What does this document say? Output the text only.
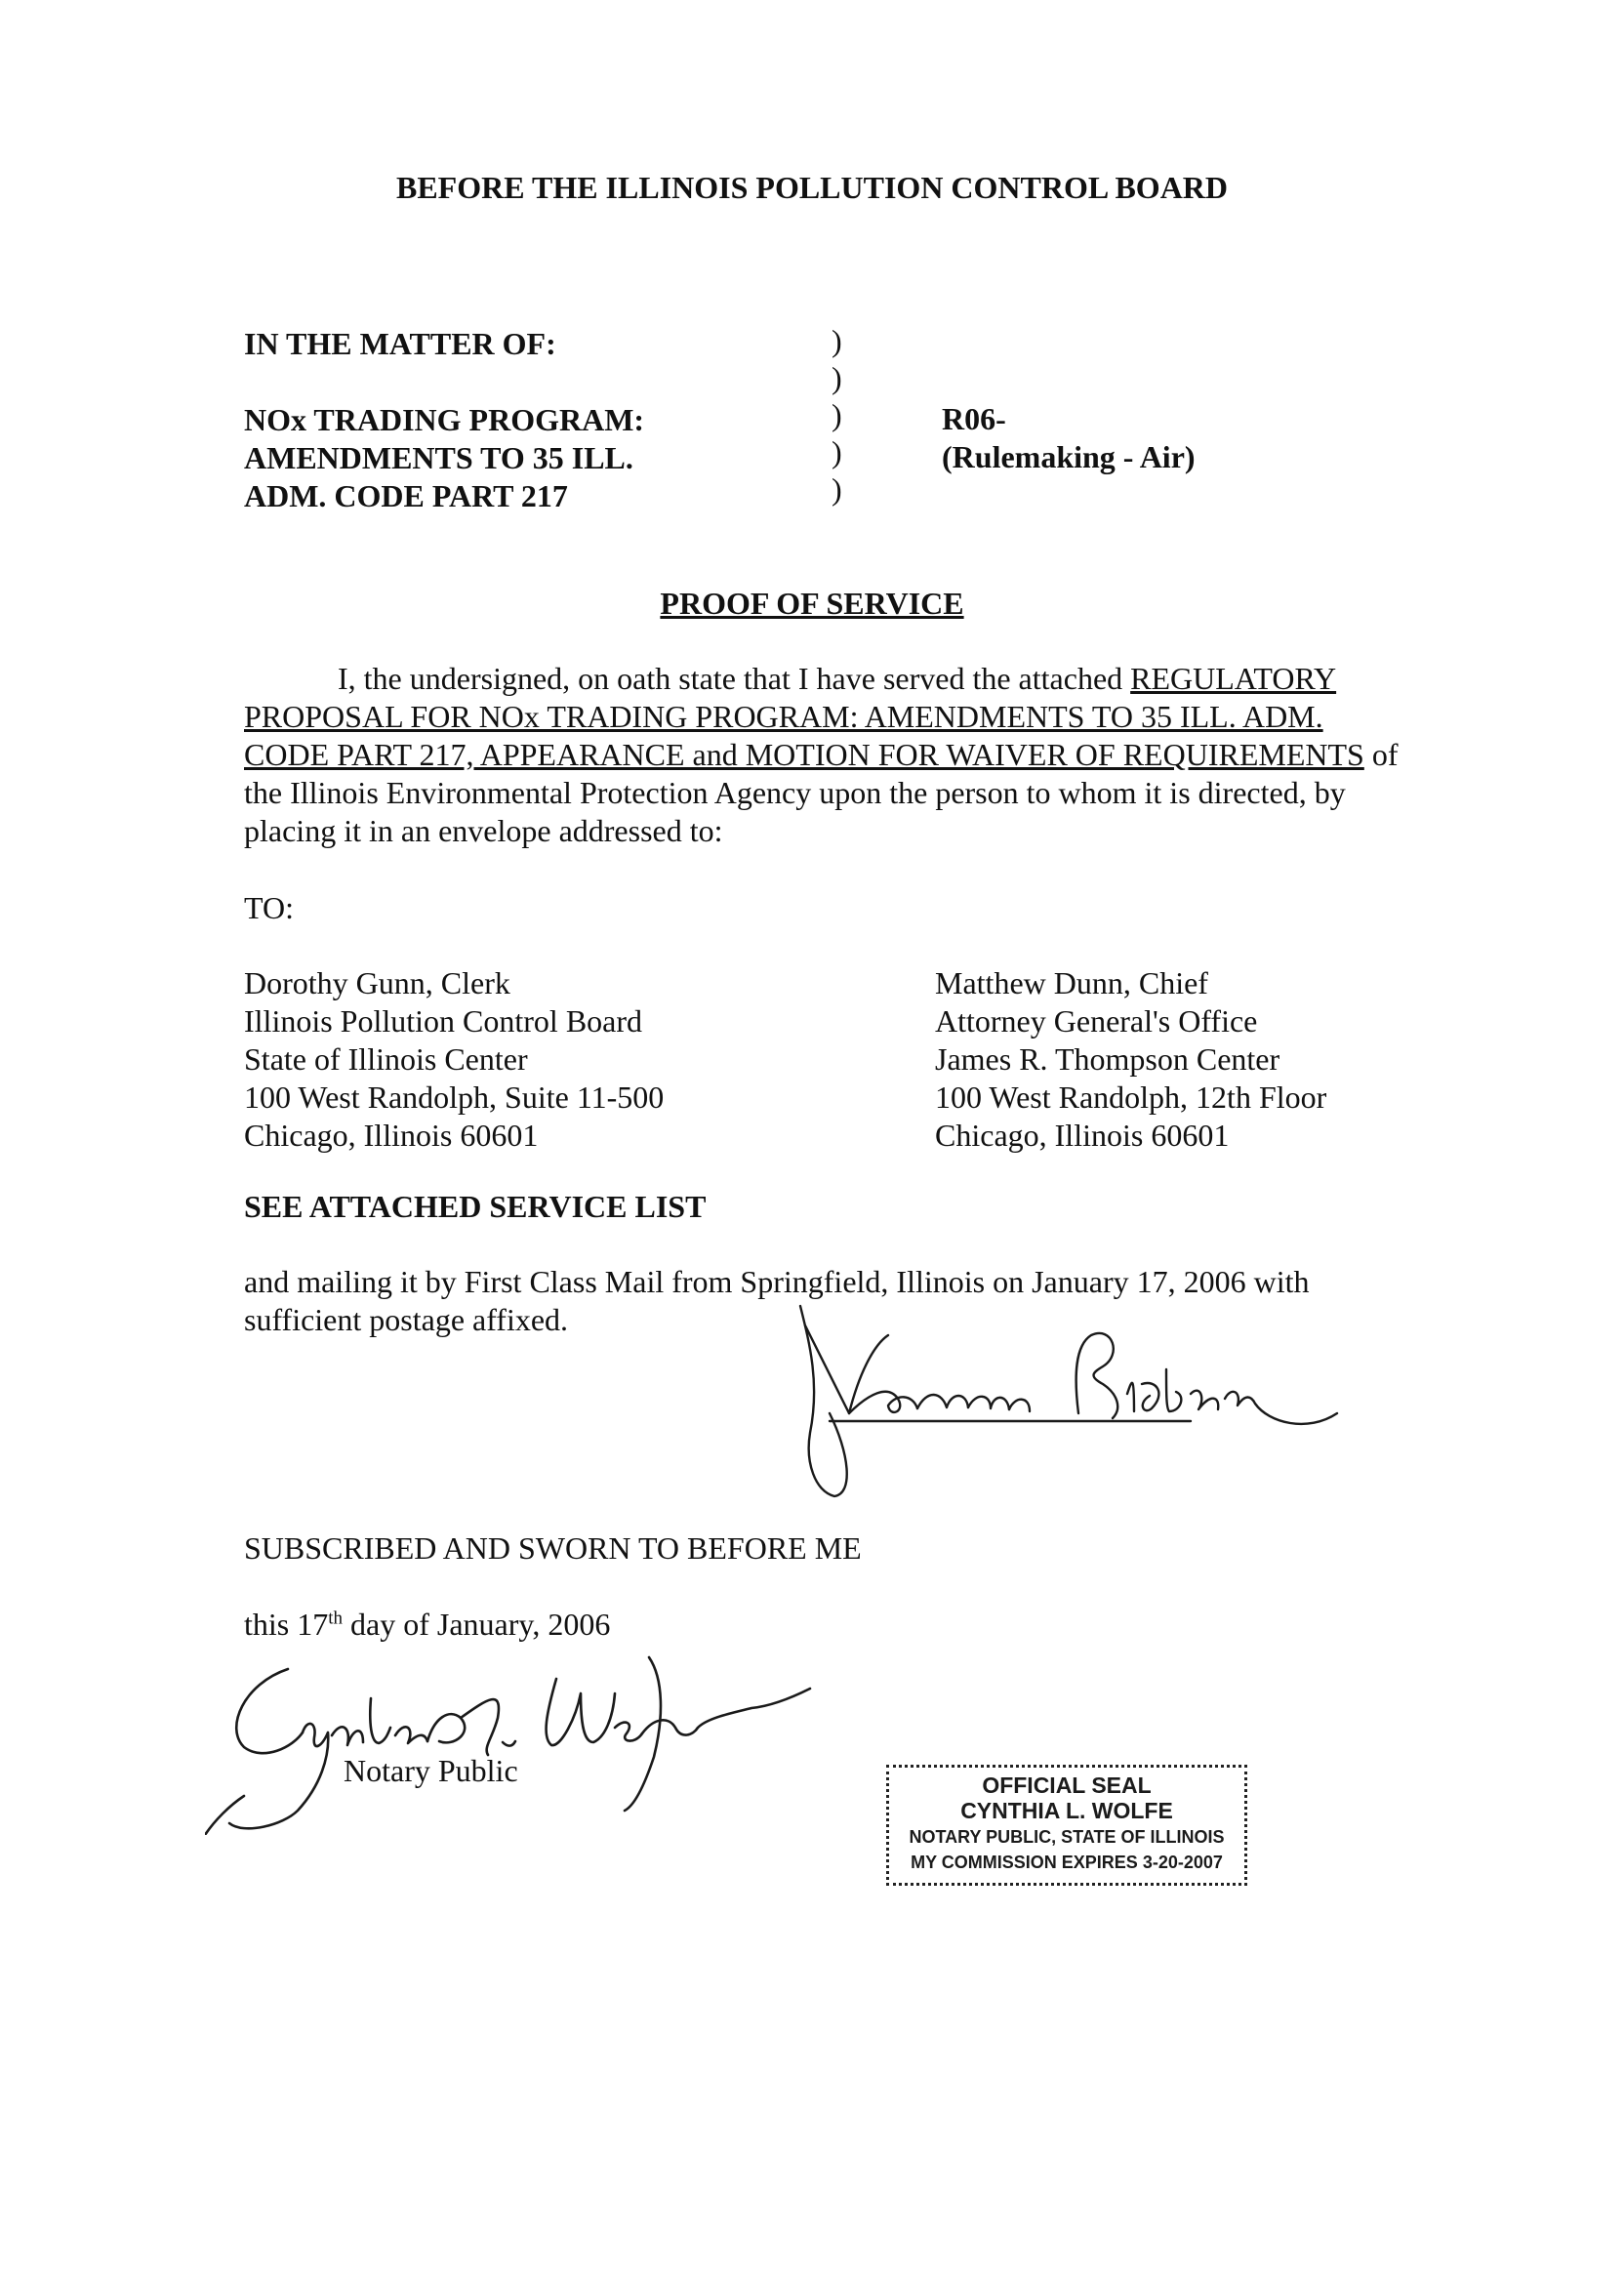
BEFORE THE ILLINOIS POLLUTION CONTROL BOARD
IN THE MATTER OF:
NOx TRADING PROGRAM:
AMENDMENTS TO 35 ILL.
ADM. CODE PART 217
)
)
)
)
)
R06-
(Rulemaking - Air)
PROOF OF SERVICE

I, the undersigned, on oath state that I have served the attached REGULATORY PROPOSAL FOR NOx TRADING PROGRAM: AMENDMENTS TO 35 ILL. ADM. CODE PART 217, APPEARANCE and MOTION FOR WAIVER OF REQUIREMENTS of the Illinois Environmental Protection Agency upon the person to whom it is directed, by placing it in an envelope addressed to:

TO:
Dorothy Gunn, Clerk
Illinois Pollution Control Board
State of Illinois Center
100 West Randolph, Suite 11-500
Chicago, Illinois 60601
Matthew Dunn, Chief
Attorney General's Office
James R. Thompson Center
100 West Randolph, 12th Floor
Chicago, Illinois 60601
SEE ATTACHED SERVICE LIST
and mailing it by First Class Mail from Springfield, Illinois on January 17, 2006 with
sufficient postage affixed.
SUBSCRIBED AND SWORN TO BEFORE ME
this 17th day of January, 2006
Notary Public	OFFICIAL SEAL
CYNTHIA L. WOLFE
NOTARY PUBLIC, STATE OF ILLINOIS
MY COMMISSION EXPIRES 3-20-2007
